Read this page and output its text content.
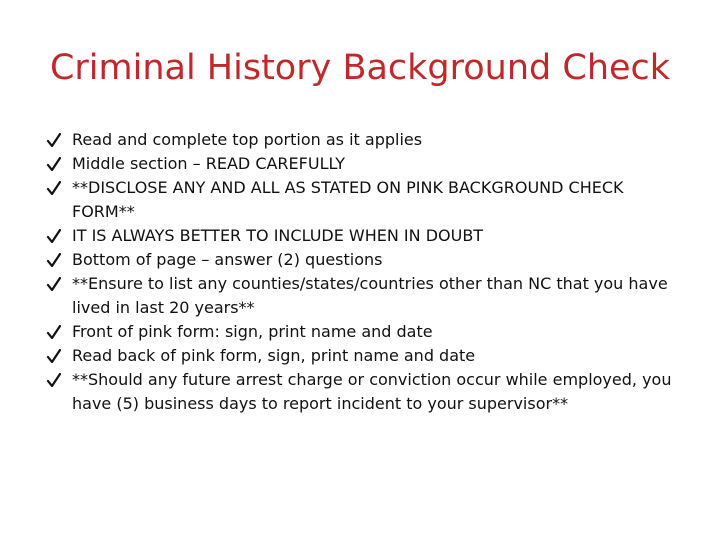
Criminal History Background Check
Read and complete top portion as it applies
Middle section – READ CAREFULLY
**DISCLOSE ANY AND ALL AS STATED ON PINK BACKGROUND CHECK FORM**
IT IS ALWAYS BETTER TO INCLUDE WHEN IN DOUBT
Bottom of page – answer (2) questions
**Ensure to list any counties/states/countries other than NC that you have lived in last 20 years**
Front of pink form: sign, print name and date
Read back of pink form, sign, print name and date
**Should any future arrest charge or conviction occur while employed, you have (5) business days to report incident to your supervisor**
